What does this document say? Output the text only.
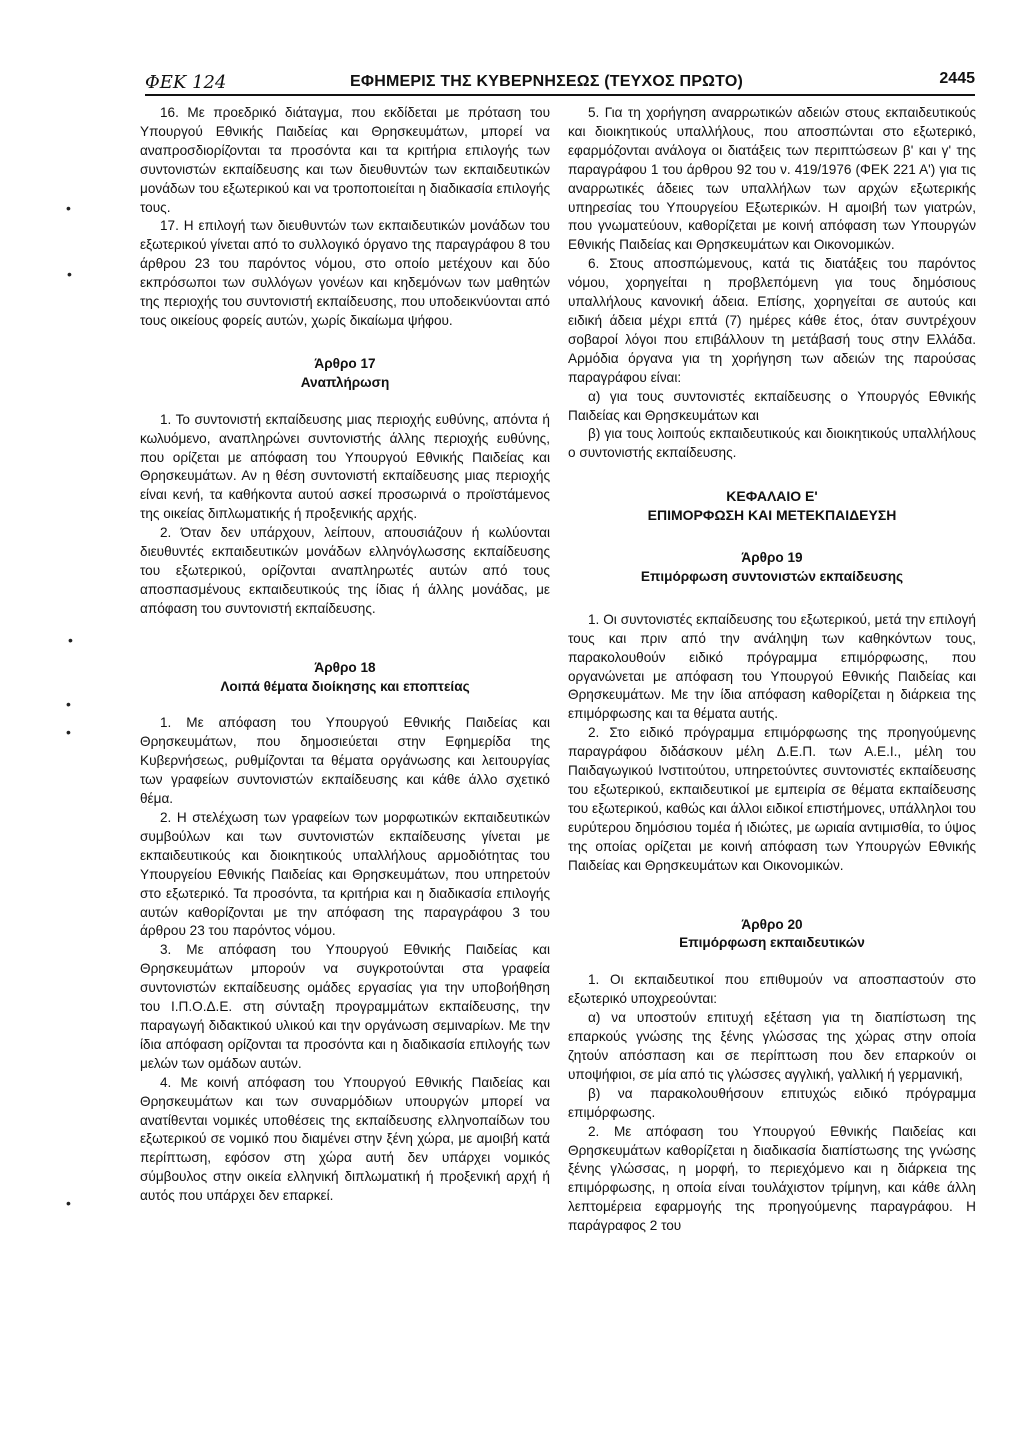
ΦΕΚ 124	ΕΦΗΜΕΡΙΣ ΤΗΣ ΚΥΒΕΡΝΗΣΕΩΣ (ΤΕΥΧΟΣ ΠΡΩΤΟ)	2445

16. Με προεδρικό διάταγμα, που εκδίδεται με πρόταση του Υπουργού Εθνικής Παιδείας και Θρησκευμάτων, μπορεί να αναπροσδιορίζονται τα προσόντα και τα κριτήρια επιλογής των συντονιστών εκπαίδευσης και των διευθυντών των εκπαιδευτικών μονάδων του εξωτερικού και να τροποποιείται η διαδικασία επιλογής τους.

17. Η επιλογή των διευθυντών των εκπαιδευτικών μονάδων του εξωτερικού γίνεται από το συλλογικό όργανο της παραγράφου 8 του άρθρου 23 του παρόντος νόμου, στο οποίο μετέχουν και δύο εκπρόσωποι των συλλόγων γονέων και κηδεμόνων των μαθητών της περιοχής του συντονιστή εκπαίδευσης, που υποδεικνύονται από τους οικείους φορείς αυτών, χωρίς δικαίωμα ψήφου.

Άρθρο 17

Αναπλήρωση

1. Το συντονιστή εκπαίδευσης μιας περιοχής ευθύνης, απόντα ή κωλυόμενο, αναπληρώνει συντονιστής άλλης περιοχής ευθύνης, που ορίζεται με απόφαση του Υπουργού Εθνικής Παιδείας και Θρησκευμάτων. Αν η θέση συντονιστή εκπαίδευσης μιας περιοχής είναι κενή, τα καθήκοντα αυτού ασκεί προσωρινά ο προϊστάμενος της οικείας διπλωματικής ή προξενικής αρχής.

2. Όταν δεν υπάρχουν, λείπουν, απουσιάζουν ή κωλύονται διευθυντές εκπαιδευτικών μονάδων ελληνόγλωσσης εκπαίδευσης του εξωτερικού, ορίζονται αναπληρωτές αυτών από τους αποσπασμένους εκπαιδευτικούς της ίδιας ή άλλης μονάδας, με απόφαση του συντονιστή εκπαίδευσης.

Άρθρο 18

Λοιπά θέματα διοίκησης και εποπτείας

1. Με απόφαση του Υπουργού Εθνικής Παιδείας και Θρησκευμάτων, που δημοσιεύεται στην Εφημερίδα της Κυβερνήσεως, ρυθμίζονται τα θέματα οργάνωσης και λειτουργίας των γραφείων συντονιστών εκπαίδευσης και κάθε άλλο σχετικό θέμα.

2. Η στελέχωση των γραφείων των μορφωτικών εκπαιδευτικών συμβούλων και των συντονιστών εκπαίδευσης γίνεται με εκπαιδευτικούς και διοικητικούς υπαλλήλους αρμοδιότητας του Υπουργείου Εθνικής Παιδείας και Θρησκευμάτων, που υπηρετούν στο εξωτερικό. Τα προσόντα, τα κριτήρια και η διαδικασία επιλογής αυτών καθορίζονται με την απόφαση της παραγράφου 3 του άρθρου 23 του παρόντος νόμου.

3. Με απόφαση του Υπουργού Εθνικής Παιδείας και Θρησκευμάτων μπορούν να συγκροτούνται στα γραφεία συντονιστών εκπαίδευσης ομάδες εργασίας για την υποβοήθηση του Ι.Π.Ο.Δ.Ε. στη σύνταξη προγραμμάτων εκπαίδευσης, την παραγωγή διδακτικού υλικού και την οργάνωση σεμιναρίων. Με την ίδια απόφαση ορίζονται τα προσόντα και η διαδικασία επιλογής των μελών των ομάδων αυτών.

4. Με κοινή απόφαση του Υπουργού Εθνικής Παιδείας και Θρησκευμάτων και των συναρμόδιων υπουργών μπορεί να ανατίθενται νομικές υποθέσεις της εκπαίδευσης ελληνοπαίδων του εξωτερικού σε νομικό που διαμένει στην ξένη χώρα, με αμοιβή κατά περίπτωση, εφόσον στη χώρα αυτή δεν υπάρχει νομικός σύμβουλος στην οικεία ελληνική διπλωματική ή προξενική αρχή ή αυτός που υπάρχει δεν επαρκεί.

5. Για τη χορήγηση αναρρωτικών αδειών στους εκπαιδευτικούς και διοικητικούς υπαλλήλους, που αποσπώνται στο εξωτερικό, εφαρμόζονται ανάλογα οι διατάξεις των περιπτώσεων β' και γ' της παραγράφου 1 του άρθρου 92 του ν. 419/1976 (ΦΕΚ 221 Α') για τις αναρρωτικές άδειες των υπαλλήλων των αρχών εξωτερικής υπηρεσίας του Υπουργείου Εξωτερικών. Η αμοιβή των γιατρών, που γνωματεύουν, καθορίζεται με κοινή απόφαση των Υπουργών Εθνικής Παιδείας και Θρησκευμάτων και Οικονομικών.

6. Στους αποσπώμενους, κατά τις διατάξεις του παρόντος νόμου, χορηγείται η προβλεπόμενη για τους δημόσιους υπαλλήλους κανονική άδεια. Επίσης, χορηγείται σε αυτούς και ειδική άδεια μέχρι επτά (7) ημέρες κάθε έτος, όταν συντρέχουν σοβαροί λόγοι που επιβάλλουν τη μετάβασή τους στην Ελλάδα. Αρμόδια όργανα για τη χορήγηση των αδειών της παρούσας παραγράφου είναι:

α) για τους συντονιστές εκπαίδευσης ο Υπουργός Εθνικής Παιδείας και Θρησκευμάτων και

β) για τους λοιπούς εκπαιδευτικούς και διοικητικούς υπαλλήλους ο συντονιστής εκπαίδευσης.

ΚΕΦΑΛΑΙΟ Ε'

ΕΠΙΜΟΡΦΩΣΗ ΚΑΙ ΜΕΤΕΚΠΑΙΔΕΥΣΗ

Άρθρο 19

Επιμόρφωση συντονιστών εκπαίδευσης

1. Οι συντονιστές εκπαίδευσης του εξωτερικού, μετά την επιλογή τους και πριν από την ανάληψη των καθηκόντων τους, παρακολουθούν ειδικό πρόγραμμα επιμόρφωσης, που οργανώνεται με απόφαση του Υπουργού Εθνικής Παιδείας και Θρησκευμάτων. Με την ίδια απόφαση καθορίζεται η διάρκεια της επιμόρφωσης και τα θέματα αυτής.

2. Στο ειδικό πρόγραμμα επιμόρφωσης της προηγούμενης παραγράφου διδάσκουν μέλη Δ.Ε.Π. των Α.Ε.Ι., μέλη του Παιδαγωγικού Ινστιτούτου, υπηρετούντες συντονιστές εκπαίδευσης του εξωτερικού, εκπαιδευτικοί με εμπειρία σε θέματα εκπαίδευσης του εξωτερικού, καθώς και άλλοι ειδικοί επιστήμονες, υπάλληλοι του ευρύτερου δημόσιου τομέα ή ιδιώτες, με ωριαία αντιμισθία, το ύψος της οποίας ορίζεται με κοινή απόφαση των Υπουργών Εθνικής Παιδείας και Θρησκευμάτων και Οικονομικών.

Άρθρο 20

Επιμόρφωση εκπαιδευτικών

1. Οι εκπαιδευτικοί που επιθυμούν να αποσπαστούν στο εξωτερικό υποχρεούνται:

α) να υποστούν επιτυχή εξέταση για τη διαπίστωση της επαρκούς γνώσης της ξένης γλώσσας της χώρας στην οποία ζητούν απόσπαση και σε περίπτωση που δεν επαρκούν οι υποψήφιοι, σε μία από τις γλώσσες αγγλική, γαλλική ή γερμανική,

β) να παρακολουθήσουν επιτυχώς ειδικό πρόγραμμα επιμόρφωσης.

2. Με απόφαση του Υπουργού Εθνικής Παιδείας και Θρησκευμάτων καθορίζεται η διαδικασία διαπίστωσης της γνώσης ξένης γλώσσας, η μορφή, το περιεχόμενο και η διάρκεια της επιμόρφωσης, η οποία είναι τουλάχιστον τρίμηνη, και κάθε άλλη λεπτομέρεια εφαρμογής της προηγούμενης παραγράφου. Η παράγραφος 2 του

•
•
•
•
•
•
